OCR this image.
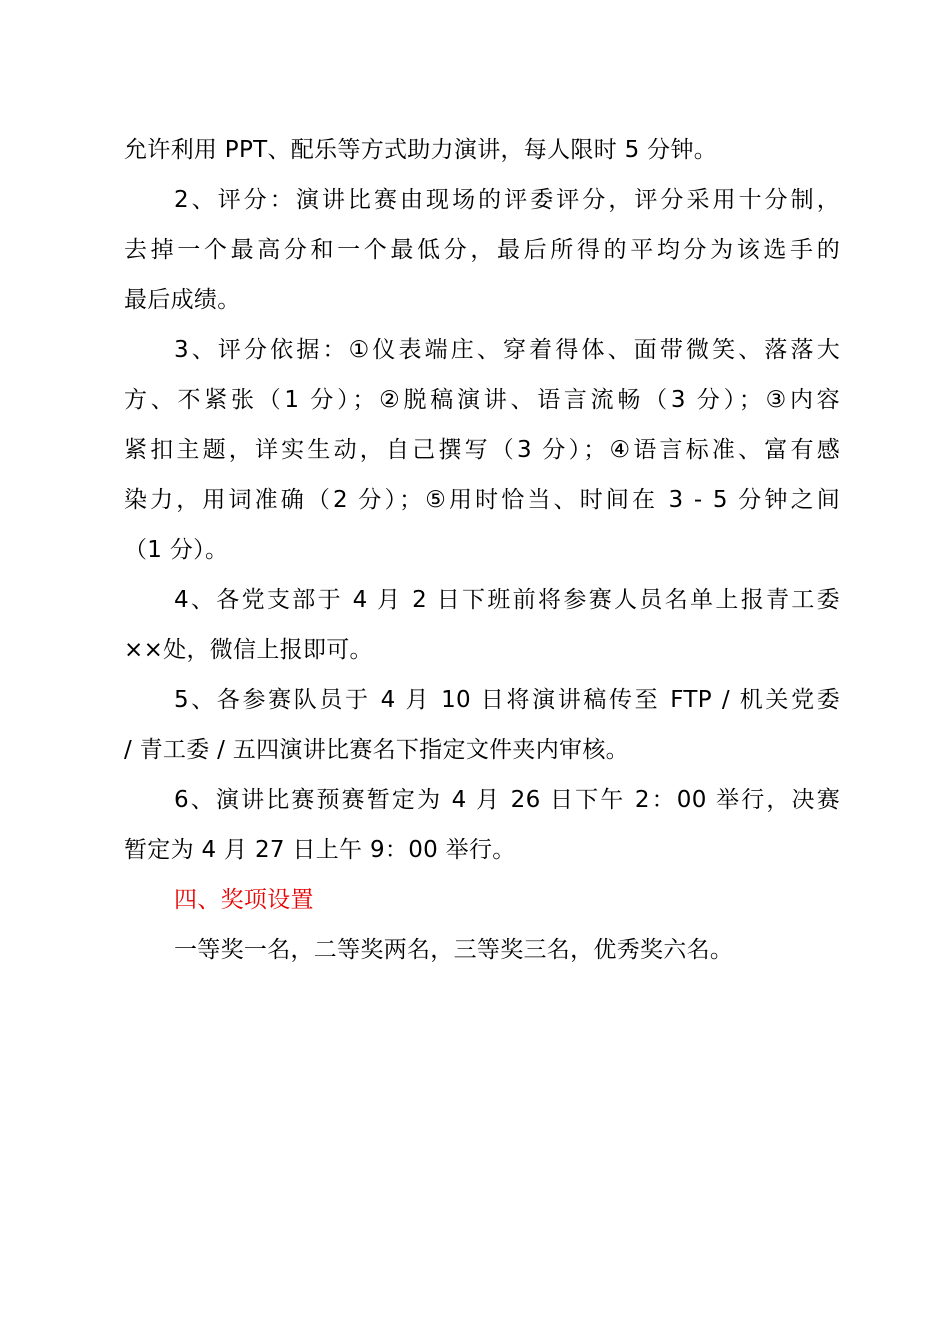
允许利用 PPT、配乐等方式助力演讲，每人限时 5 分钟。
2、评分：演讲比赛由现场的评委评分，评分采用十分制，
去掉一个最高分和一个最低分，最后所得的平均分为该选手的
最后成绩。
3、评分依据：①仪表端庄、穿着得体、面带微笑、落落大
方、不紧张（1 分）；②脱稿演讲、语言流畅（3 分）；③内容
紧扣主题，详实生动，自己撰写（3 分）；④语言标准、富有感
染力，用词准确（2 分）；⑤用时恰当、时间在 3 - 5 分钟之间
（1 分）。
4、各党支部于 4 月 2 日下班前将参赛人员名单上报青工委
××处，微信上报即可。
5、各参赛队员于 4 月 10 日将演讲稿传至 FTP / 机关党委
/ 青工委 / 五四演讲比赛名下指定文件夹内审核。
6、演讲比赛预赛暂定为 4 月 26 日下午 2：00 举行，决赛
暂定为 4 月 27 日上午 9：00 举行。
四、奖项设置
一等奖一名，二等奖两名，三等奖三名，优秀奖六名。
